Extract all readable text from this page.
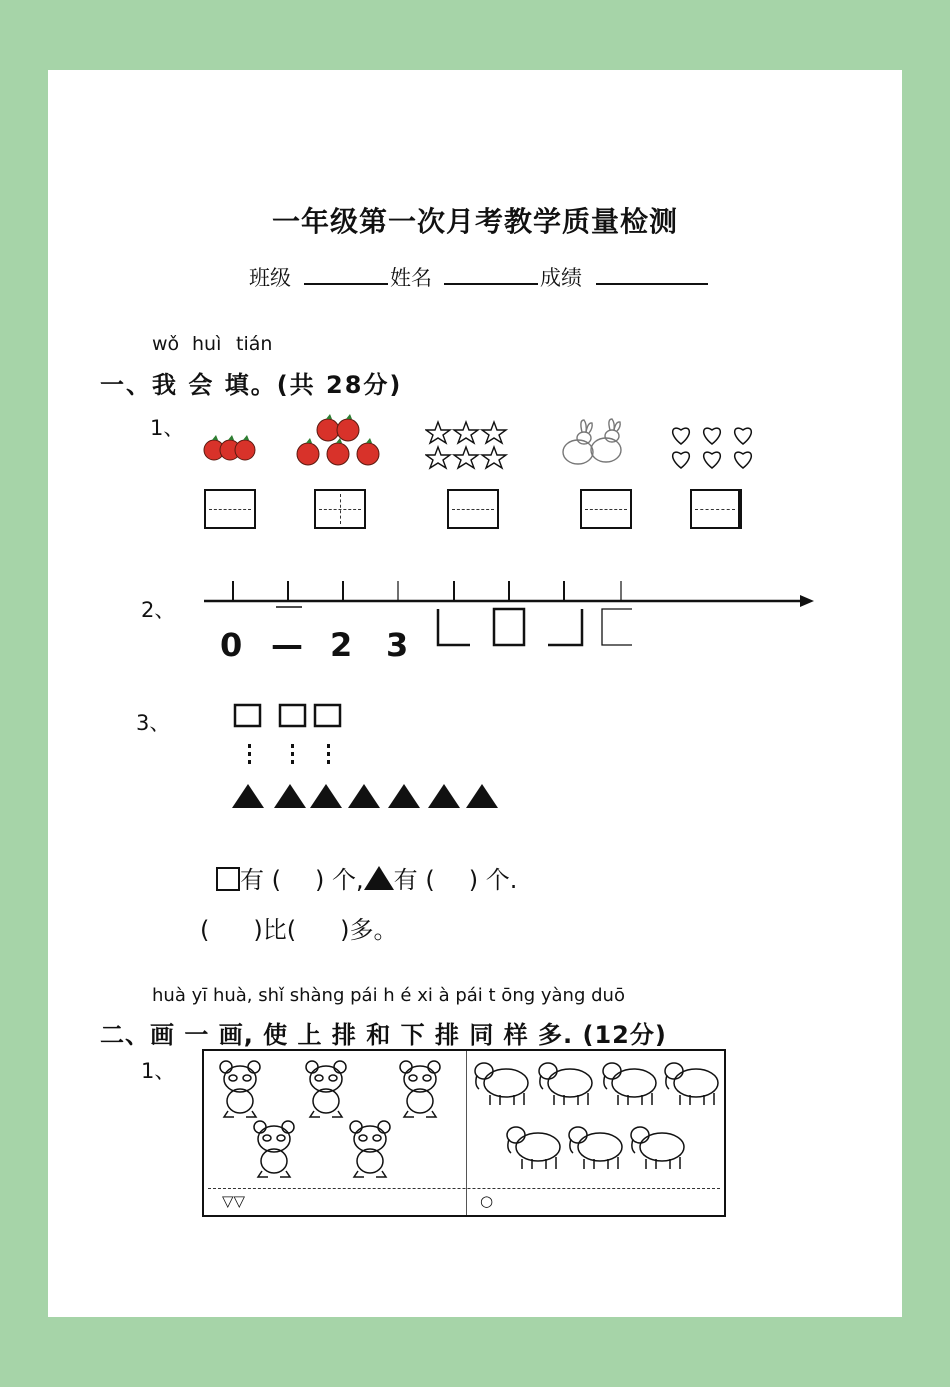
一年级第一次月考教学质量检测
班级	姓名	成绩
wǒ huì tián
一、我 会 填。(共 28分)
1、
2、
0 — 2 3
3、
有 ( ) 个, 有 ( ) 个.
( )比( )多。
huà yī huà, shǐ shàng pái h é xi à pái t ōng yàng duō
二、画 一 画, 使 上 排 和 下 排 同 样 多. (12分)
1、
▽▽	○
